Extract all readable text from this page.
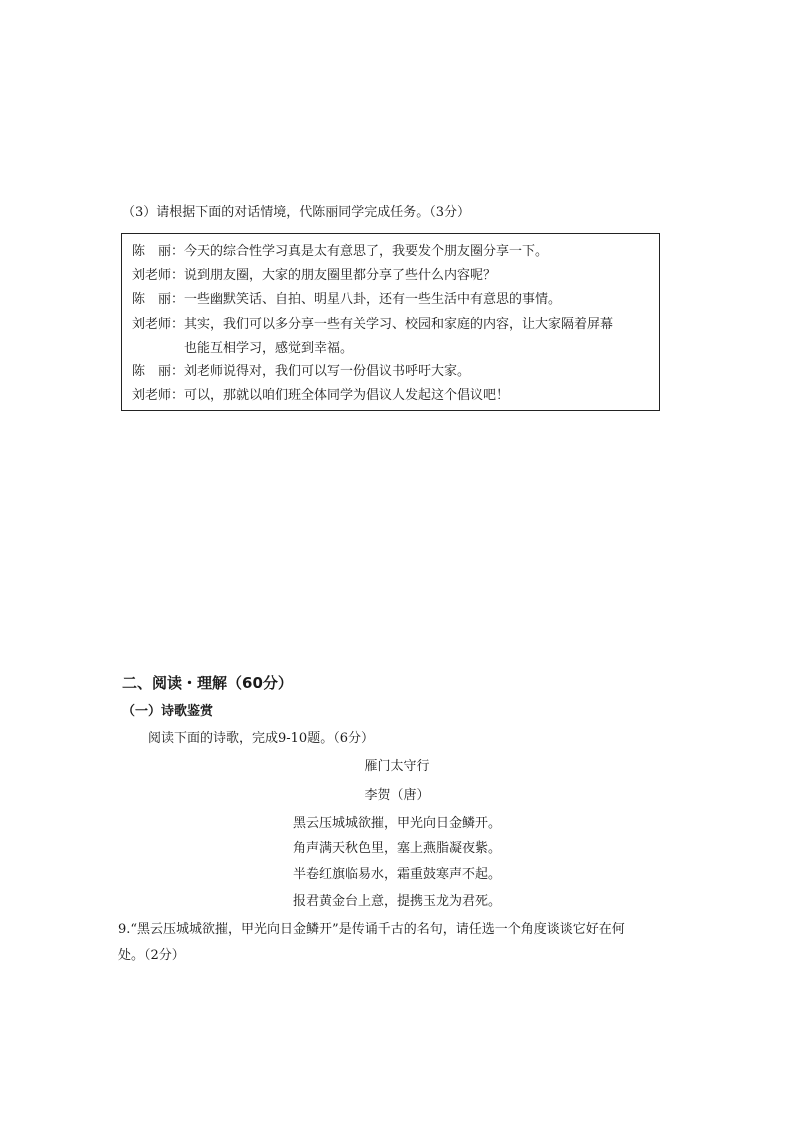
（3）请根据下面的对话情境，代陈丽同学完成任务。（3分）
陈　丽：今天的综合性学习真是太有意思了，我要发个朋友圈分享一下。
刘老师：说到朋友圈，大家的朋友圈里都分享了些什么内容呢？
陈　丽：一些幽默笑话、自拍、明星八卦，还有一些生活中有意思的事情。
刘老师：其实，我们可以多分享一些有关学习、校园和家庭的内容，让大家隔着屏幕
也能互相学习，感觉到幸福。
陈　丽：刘老师说得对，我们可以写一份倡议书呼吁大家。
刘老师：可以，那就以咱们班全体同学为倡议人发起这个倡议吧！
二、阅读・理解（60分）
（一）诗歌鉴赏
阅读下面的诗歌，完成9-10题。（6分）
雁门太守行
李贺（唐）
黑云压城城欲摧，甲光向日金鳞开。
角声满天秋色里，塞上燕脂凝夜紫。
半卷红旗临易水，霜重鼓寒声不起。
报君黄金台上意，提携玉龙为君死。
9.“黑云压城城欲摧，甲光向日金鳞开”是传诵千古的名句，请任选一个角度谈谈它好在何
处。（2分）
